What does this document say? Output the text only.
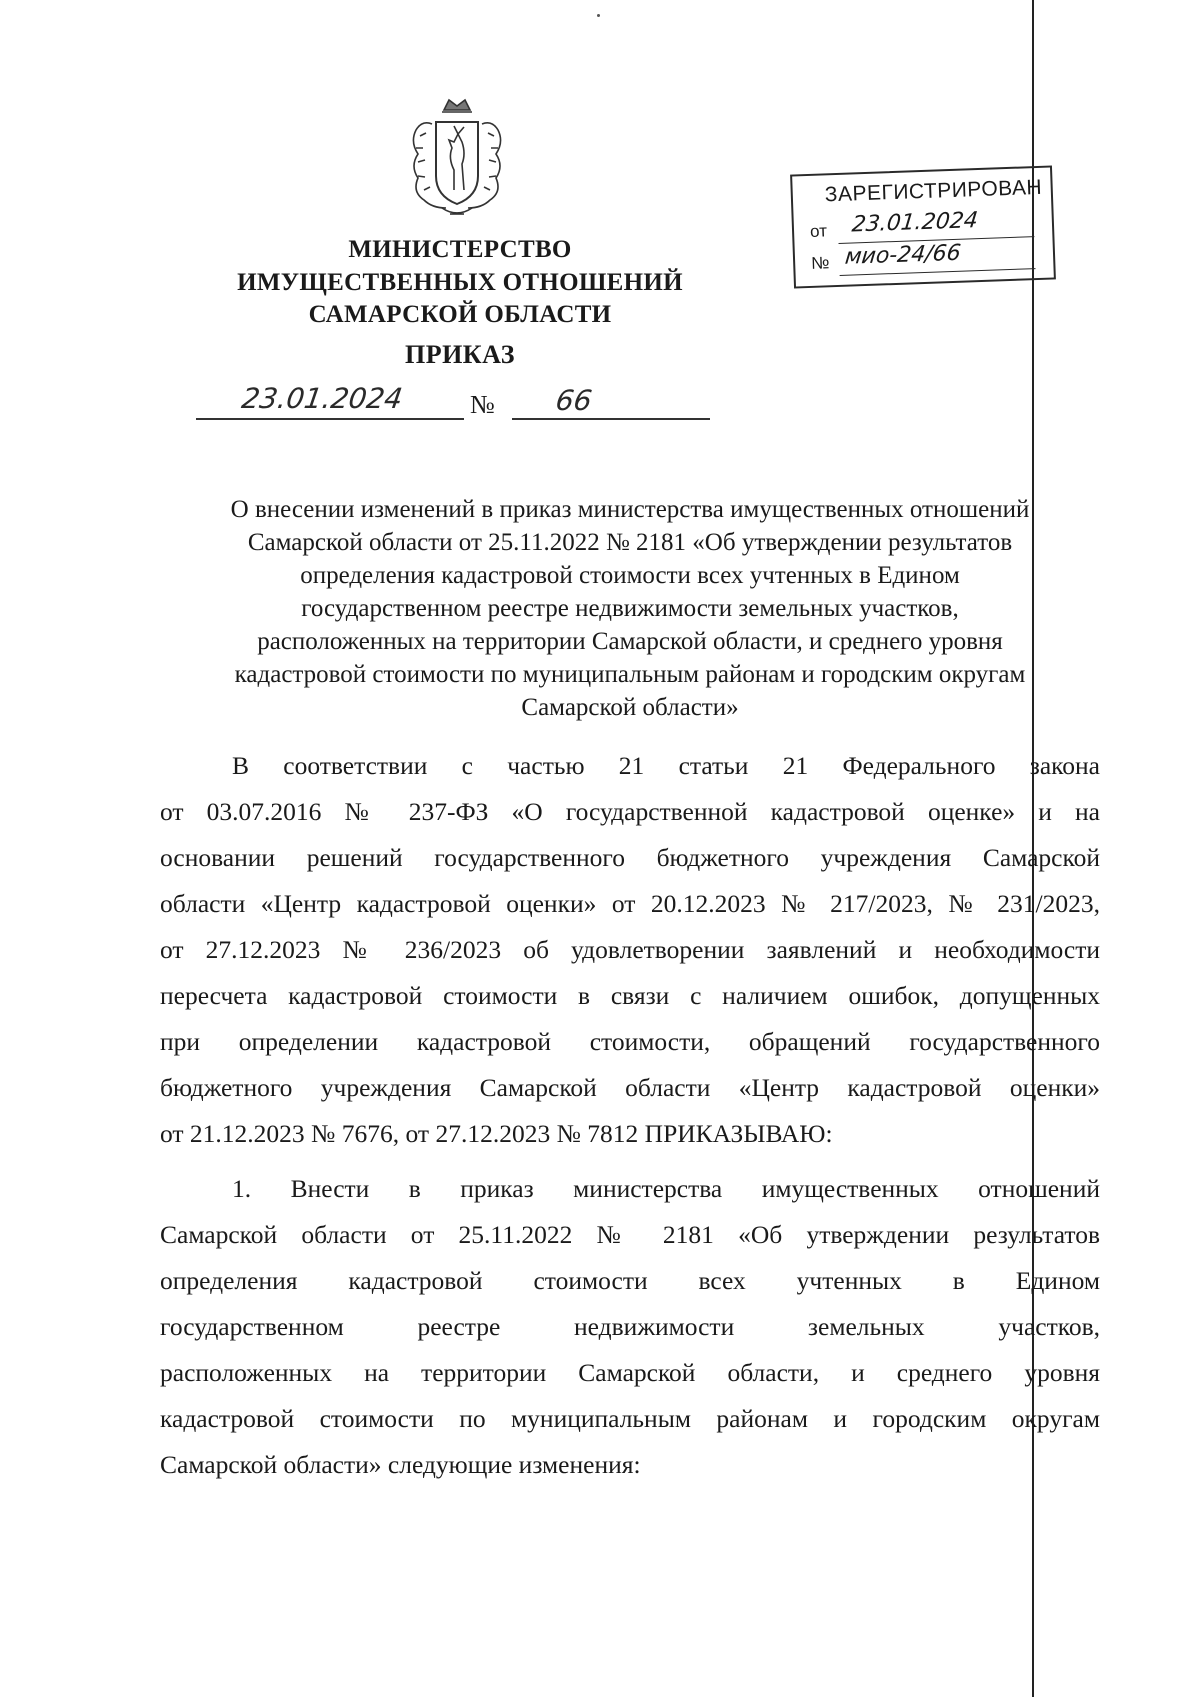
МИНИСТЕРСТВО
ИМУЩЕСТВЕННЫХ ОТНОШЕНИЙ
САМАРСКОЙ ОБЛАСТИ
ПРИКАЗ
23.01.2024	№ 66
ЗАРЕГИСТРИРОВАН
от 23.01.2024
№ мио-24/66
О внесении изменений в приказ министерства имущественных отношений
Самарской области от 25.11.2022 № 2181 «Об утверждении результатов
определения кадастровой стоимости всех учтенных в Едином
государственном реестре недвижимости земельных участков,
расположенных на территории Самарской области, и среднего уровня
кадастровой стоимости по муниципальным районам и городским округам
Самарской области»
В соответствии с частью 21 статьи 21 Федерального закона
от 03.07.2016 № 237-ФЗ «О государственной кадастровой оценке» и на
основании решений государственного бюджетного учреждения Самарской
области «Центр кадастровой оценки» от 20.12.2023 № 217/2023, № 231/2023,
от 27.12.2023 № 236/2023 об удовлетворении заявлений и необходимости
пересчета кадастровой стоимости в связи с наличием ошибок, допущенных
при определении кадастровой стоимости, обращений государственного
бюджетного учреждения Самарской области «Центр кадастровой оценки»
от 21.12.2023 № 7676, от 27.12.2023 № 7812 ПРИКАЗЫВАЮ:
1. Внести в приказ министерства имущественных отношений
Самарской области от 25.11.2022 № 2181 «Об утверждении результатов
определения кадастровой стоимости всех учтенных в Едином
государственном реестре недвижимости земельных участков,
расположенных на территории Самарской области, и среднего уровня
кадастровой стоимости по муниципальным районам и городским округам
Самарской области» следующие изменения:
